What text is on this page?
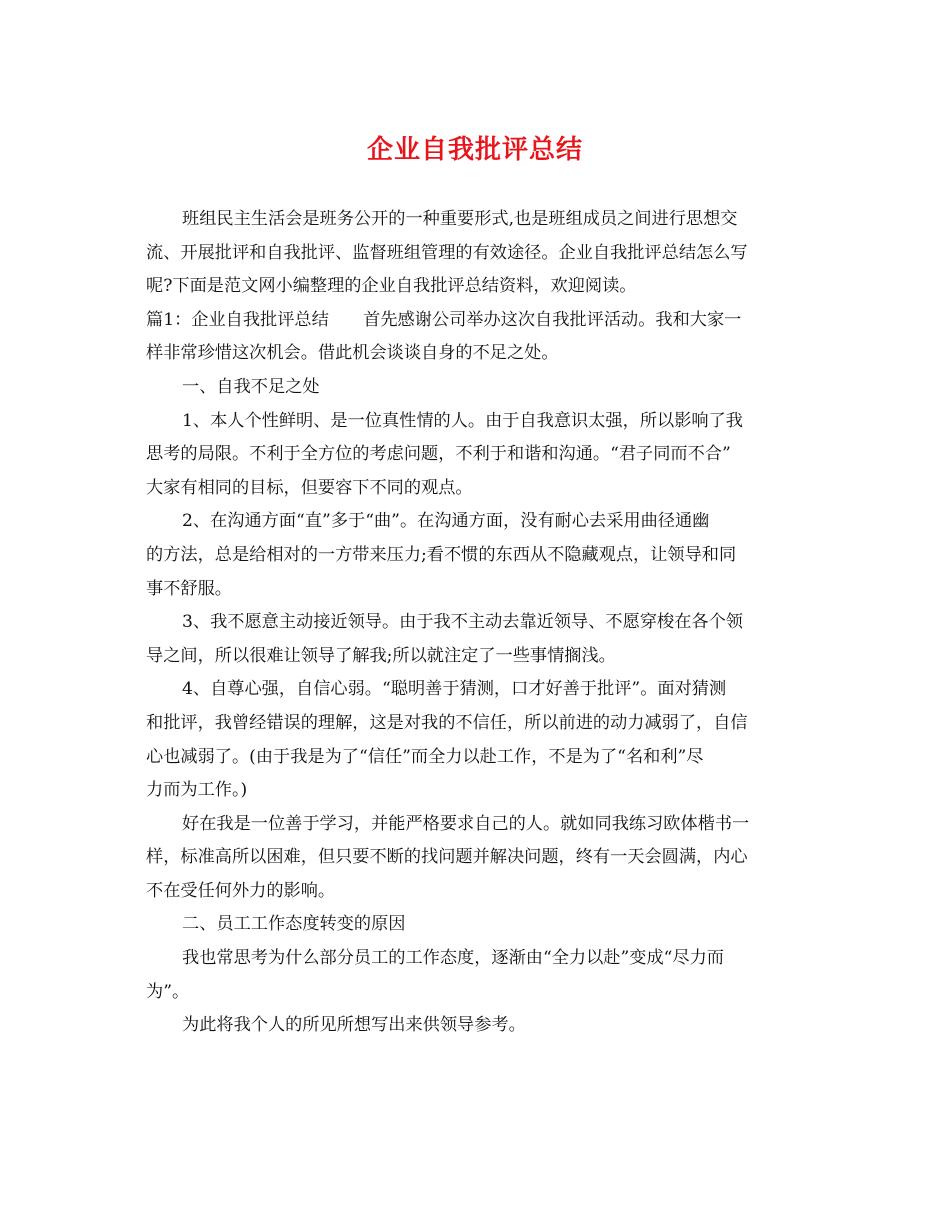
企业自我批评总结
班组民主生活会是班务公开的一种重要形式,也是班组成员之间进行思想交
流、开展批评和自我批评、监督班组管理的有效途径。企业自我批评总结怎么写
呢?下面是范文网小编整理的企业自我批评总结资料，欢迎阅读。
篇1：企业自我批评总结　　首先感谢公司举办这次自我批评活动。我和大家一
样非常珍惜这次机会。借此机会谈谈自身的不足之处。
一、自我不足之处
1、本人个性鲜明、是一位真性情的人。由于自我意识太强，所以影响了我
思考的局限。不利于全方位的考虑问题，不利于和谐和沟通。“君子同而不合”
大家有相同的目标，但要容下不同的观点。
2、在沟通方面“直”多于“曲”。在沟通方面，没有耐心去采用曲径通幽
的方法，总是给相对的一方带来压力;看不惯的东西从不隐藏观点，让领导和同
事不舒服。
3、我不愿意主动接近领导。由于我不主动去靠近领导、不愿穿梭在各个领
导之间，所以很难让领导了解我;所以就注定了一些事情搁浅。
4、自尊心强，自信心弱。“聪明善于猜测，口才好善于批评”。面对猜测
和批评，我曾经错误的理解，这是对我的不信任，所以前进的动力减弱了，自信
心也减弱了。(由于我是为了“信任”而全力以赴工作，不是为了“名和利”尽
力而为工作。)
好在我是一位善于学习，并能严格要求自己的人。就如同我练习欧体楷书一
样，标准高所以困难，但只要不断的找问题并解决问题，终有一天会圆满，内心
不在受任何外力的影响。
二、员工工作态度转变的原因
我也常思考为什么部分员工的工作态度，逐渐由“全力以赴”变成“尽力而
为”。
为此将我个人的所见所想写出来供领导参考。
